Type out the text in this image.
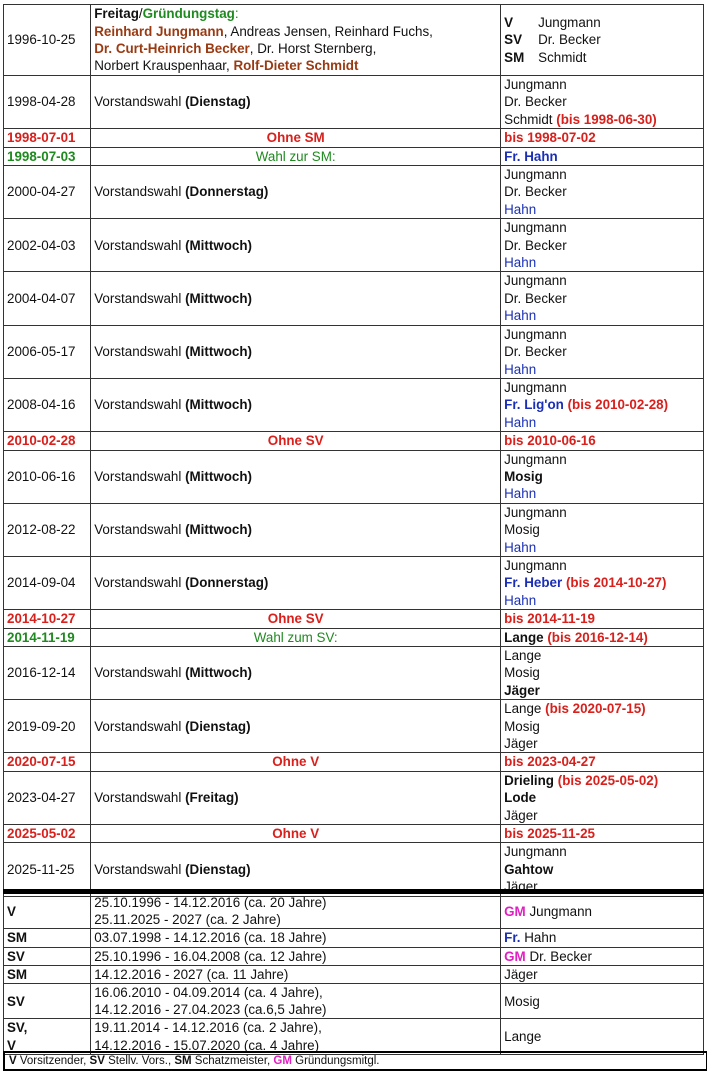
1996-10-25	Freitag/Gründungstag:
Reinhard Jungmann, Andreas Jensen, Reinhard Fuchs,
Dr. Curt-Heinrich Becker, Dr. Horst Sternberg,
Norbert Krauspenhaar, Rolf-Dieter Schmidt	V Jungmann
SV Dr. Becker
SM Schmidt

1998-04-28	Vorstandswahl (Dienstag)	Jungmann
Dr. Becker
Schmidt (bis 1998-06-30)

1998-07-01	Ohne SM	bis 1998-07-02
1998-07-03	Wahl zur SM:	Fr. Hahn
2000-04-27	Vorstandswahl (Donnerstag)	Jungmann
Dr. Becker
Hahn

2002-04-03	Vorstandswahl (Mittwoch)	Jungmann
Dr. Becker
Hahn

2004-04-07	Vorstandswahl (Mittwoch)	Jungmann
Dr. Becker
Hahn

2006-05-17	Vorstandswahl (Mittwoch)	Jungmann
Dr. Becker
Hahn

2008-04-16	Vorstandswahl (Mittwoch)	Jungmann
Fr. Lig'on (bis 2010-02-28)
Hahn

2010-02-28	Ohne SV	bis 2010-06-16
2010-06-16	Vorstandswahl (Mittwoch)	Jungmann
Mosig
Hahn

2012-08-22	Vorstandswahl (Mittwoch)	Jungmann
Mosig
Hahn

2014-09-04	Vorstandswahl (Donnerstag)	Jungmann
Fr. Heber (bis 2014-10-27)
Hahn

2014-10-27	Ohne SV	bis 2014-11-19
2014-11-19	Wahl zum SV:	Lange (bis 2016-12-14)
2016-12-14	Vorstandswahl (Mittwoch)	Lange
Mosig
Jäger

2019-09-20	Vorstandswahl (Dienstag)	Lange (bis 2020-07-15)
Mosig
Jäger

2020-07-15	Ohne V	bis 2023-04-27
2023-04-27	Vorstandswahl (Freitag)	Drieling (bis 2025-05-02)
Lode
Jäger

2025-05-02	Ohne V	bis 2025-11-25
2025-11-25	Vorstandswahl (Dienstag)	Jungmann
Gahtow
Jäger
V	25.10.1996 - 14.12.2016 (ca. 20 Jahre)
25.11.2025 - 2027 (ca. 2 Jahre)	GM Jungmann
SM	03.07.1998 - 14.12.2016 (ca. 18 Jahre)	Fr. Hahn
SV	25.10.1996 - 16.04.2008 (ca. 12 Jahre)	GM Dr. Becker
SM	14.12.2016 - 2027 (ca. 11 Jahre)	Jäger
SV	16.06.2010 - 04.09.2014 (ca. 4 Jahre),
14.12.2016 - 27.04.2023 (ca.6,5 Jahre)	Mosig
SV,
V	19.11.2014 - 14.12.2016 (ca. 2 Jahre),
14.12.2016 - 15.07.2020 (ca. 4 Jahre)	Lange
V Vorsitzender, SV Stellv. Vors., SM Schatzmeister, GM Gründungsmitgl.
